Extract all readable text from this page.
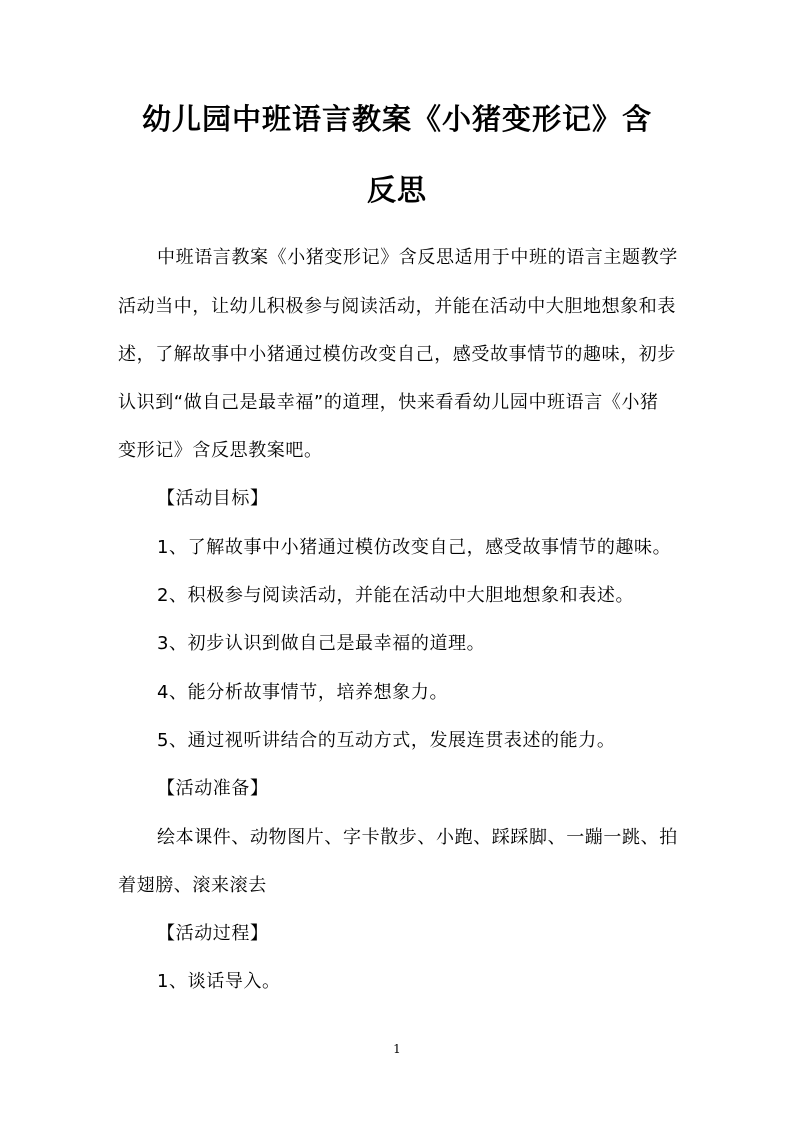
幼儿园中班语言教案《小猪变形记》含
反思
中班语言教案《小猪变形记》含反思适用于中班的语言主题教学
活动当中，让幼儿积极参与阅读活动，并能在活动中大胆地想象和表
述，了解故事中小猪通过模仿改变自己，感受故事情节的趣味，初步
认识到“做自己是最幸福”的道理，快来看看幼儿园中班语言《小猪
变形记》含反思教案吧。
【活动目标】
1、了解故事中小猪通过模仿改变自己，感受故事情节的趣味。
2、积极参与阅读活动，并能在活动中大胆地想象和表述。
3、初步认识到做自己是最幸福的道理。
4、能分析故事情节，培养想象力。
5、通过视听讲结合的互动方式，发展连贯表述的能力。
【活动准备】
绘本课件、动物图片、字卡散步、小跑、踩踩脚、一蹦一跳、拍
着翅膀、滚来滚去
【活动过程】
1、谈话导入。
1
